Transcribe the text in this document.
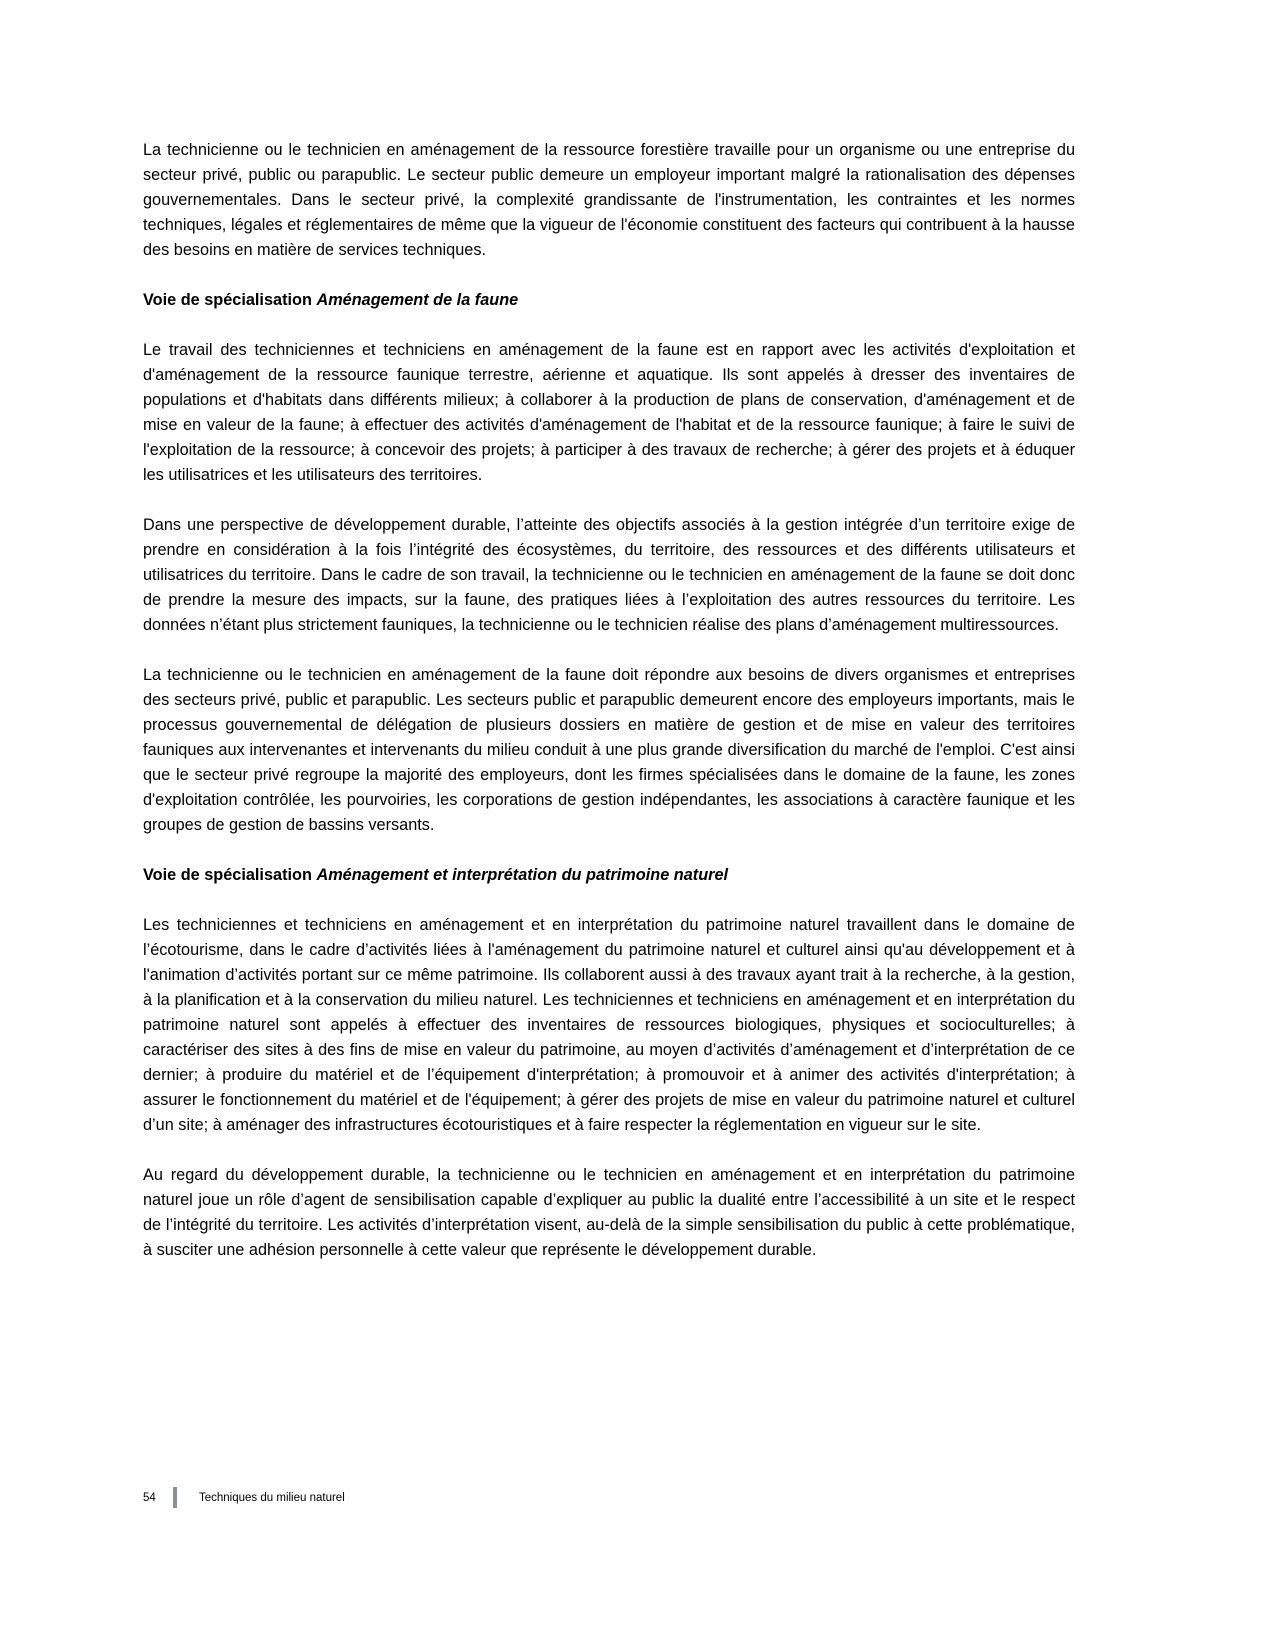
La technicienne ou le technicien en aménagement de la ressource forestière travaille pour un organisme ou une entreprise du secteur privé, public ou parapublic. Le secteur public demeure un employeur important malgré la rationalisation des dépenses gouvernementales. Dans le secteur privé, la complexité grandissante de l'instrumentation, les contraintes et les normes techniques, légales et réglementaires de même que la vigueur de l'économie constituent des facteurs qui contribuent à la hausse des besoins en matière de services techniques.

Voie de spécialisation Aménagement de la faune

Le travail des techniciennes et techniciens en aménagement de la faune est en rapport avec les activités d'exploitation et d'aménagement de la ressource faunique terrestre, aérienne et aquatique. Ils sont appelés à dresser des inventaires de populations et d'habitats dans différents milieux; à collaborer à la production de plans de conservation, d'aménagement et de mise en valeur de la faune; à effectuer des activités d'aménagement de l'habitat et de la ressource faunique; à faire le suivi de l'exploitation de la ressource; à concevoir des projets; à participer à des travaux de recherche; à gérer des projets et à éduquer les utilisatrices et les utilisateurs des territoires.

Dans une perspective de développement durable, l’atteinte des objectifs associés à la gestion intégrée d’un territoire exige de prendre en considération à la fois l’intégrité des écosystèmes, du territoire, des ressources et des différents utilisateurs et utilisatrices du territoire. Dans le cadre de son travail, la technicienne ou le technicien en aménagement de la faune se doit donc de prendre la mesure des impacts, sur la faune, des pratiques liées à l’exploitation des autres ressources du territoire. Les données n’étant plus strictement fauniques, la technicienne ou le technicien réalise des plans d’aménagement multiressources.

La technicienne ou le technicien en aménagement de la faune doit répondre aux besoins de divers organismes et entreprises des secteurs privé, public et parapublic. Les secteurs public et parapublic demeurent encore des employeurs importants, mais le processus gouvernemental de délégation de plusieurs dossiers en matière de gestion et de mise en valeur des territoires fauniques aux intervenantes et intervenants du milieu conduit à une plus grande diversification du marché de l'emploi. C'est ainsi que le secteur privé regroupe la majorité des employeurs, dont les firmes spécialisées dans le domaine de la faune, les zones d'exploitation contrôlée, les pourvoiries, les corporations de gestion indépendantes, les associations à caractère faunique et les groupes de gestion de bassins versants.

Voie de spécialisation Aménagement et interprétation du patrimoine naturel

Les techniciennes et techniciens en aménagement et en interprétation du patrimoine naturel travaillent dans le domaine de l’écotourisme, dans le cadre d’activités liées à l'aménagement du patrimoine naturel et culturel ainsi qu'au développement et à l'animation d’activités portant sur ce même patrimoine. Ils collaborent aussi à des travaux ayant trait à la recherche, à la gestion, à la planification et à la conservation du milieu naturel. Les techniciennes et techniciens en aménagement et en interprétation du patrimoine naturel sont appelés à effectuer des inventaires de ressources biologiques, physiques et socioculturelles; à caractériser des sites à des fins de mise en valeur du patrimoine, au moyen d’activités d’aménagement et d’interprétation de ce dernier; à produire du matériel et de l’équipement d'interprétation; à promouvoir et à animer des activités d'interprétation; à assurer le fonctionnement du matériel et de l'équipement; à gérer des projets de mise en valeur du patrimoine naturel et culturel d’un site; à aménager des infrastructures écotouristiques et à faire respecter la réglementation en vigueur sur le site.

Au regard du développement durable, la technicienne ou le technicien en aménagement et en interprétation du patrimoine naturel joue un rôle d’agent de sensibilisation capable d’expliquer au public la dualité entre l’accessibilité à un site et le respect de l’intégrité du territoire. Les activités d’interprétation visent, au-delà de la simple sensibilisation du public à cette problématique, à susciter une adhésion personnelle à cette valeur que représente le développement durable.

54	Techniques du milieu naturel
